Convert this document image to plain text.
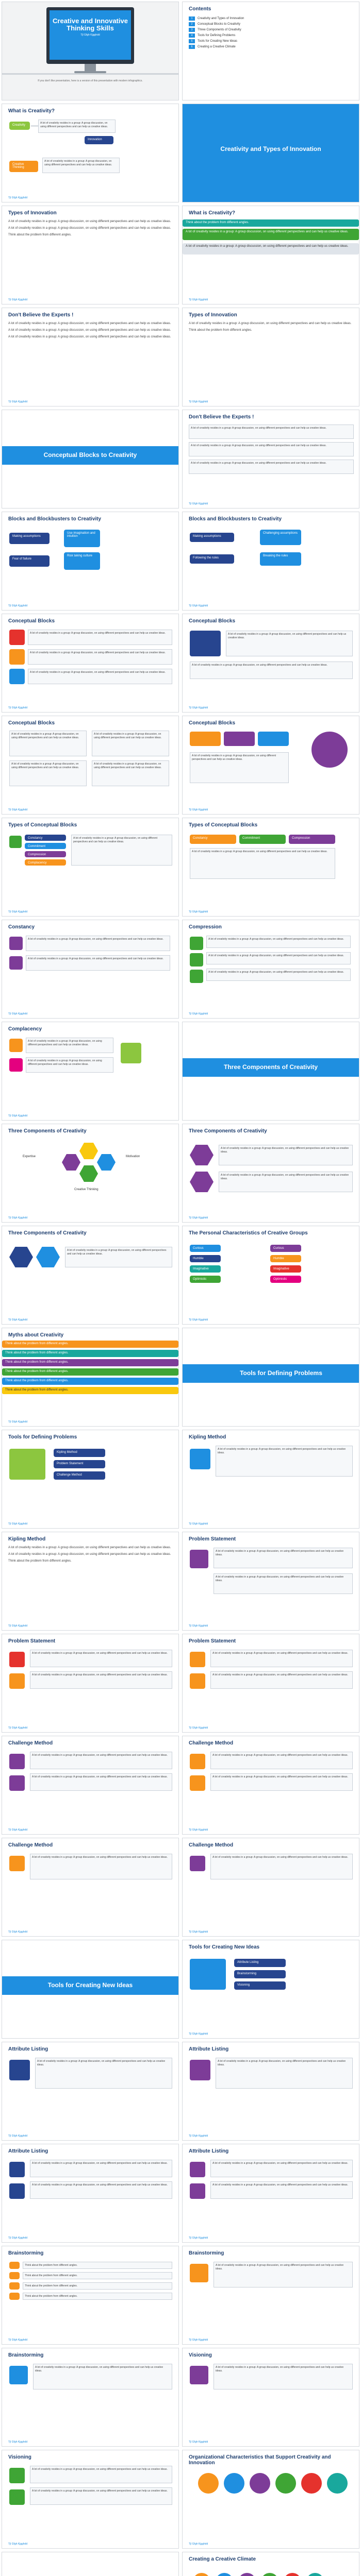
Creative and Innovative Thinking Skills
Tjl Gfgh Kjgghdd
If you don't like presentation, here is a version of this presentation with modern infographics.
Contents
1	Creativity and Types of Innovation
2	Conceptual Blocks to Creativity
3	Three Components of Creativity
4	Tools for Defining Problems
5	Tools for Creating New Ideas
6	Creating a Creative Climate
What is Creativity?
Creativity
Innovation
Creative Thinking
A lot of creativity resides in a group: A group discussion, on using different perspectives and can help us creative ideas.
A lot of creativity resides in a group: A group discussion, on using different perspectives and can help us creative ideas.
Tjl Gfgh Kjgghdd
Creativity and Types of Innovation
Types of Innovation
A lot of creativity resides in a group: A group discussion, on using different perspectives and can help us creative ideas.
A lot of creativity resides in a group: A group discussion, on using different perspectives and can help us creative ideas.
Think about the problem from different angles.
Tjl Gfgh Kjgghdd
What is Creativity?
Think about the problem from different angles.
A lot of creativity resides in a group: A group discussion, on using different perspectives and can help us creative ideas.
A lot of creativity resides in a group: A group discussion, on using different perspectives and can help us creative ideas.
Tjl Gfgh Kjgghdd
Don't Believe the Experts !
A lot of creativity resides in a group: A group discussion, on using different perspectives and can help us creative ideas.
A lot of creativity resides in a group: A group discussion, on using different perspectives and can help us creative ideas.
A lot of creativity resides in a group: A group discussion, on using different perspectives and can help us creative ideas.
Tjl Gfgh Kjgghdd
Types of Innovation
A lot of creativity resides in a group: A group discussion, on using different perspectives and can help us creative ideas.
Think about the problem from different angles.
Tjl Gfgh Kjgghdd
Conceptual Blocks to Creativity
Don't Believe the Experts !
A lot of creativity resides in a group: A group discussion, on using different perspectives and can help us creative ideas.
A lot of creativity resides in a group: A group discussion, on using different perspectives and can help us creative ideas.
A lot of creativity resides in a group: A group discussion, on using different perspectives and can help us creative ideas.
Tjl Gfgh Kjgghdd
Blocks and Blockbusters to Creativity
Making assumptions
Use imagination and intuition
Fear of failure
Risk taking culture
Tjl Gfgh Kjgghdd
Blocks and Blockbusters to Creativity
Making assumptions
Challenging assumptions
Following the rules
Breaking the rules
Tjl Gfgh Kjgghdd
Conceptual Blocks
A lot of creativity resides in a group: A group discussion, on using different perspectives and can help us creative ideas.
A lot of creativity resides in a group: A group discussion, on using different perspectives and can help us creative ideas.
A lot of creativity resides in a group: A group discussion, on using different perspectives and can help us creative ideas.
Tjl Gfgh Kjgghdd
Conceptual Blocks
A lot of creativity resides in a group: A group discussion, on using different perspectives and can help us creative ideas.
A lot of creativity resides in a group: A group discussion, on using different perspectives and can help us creative ideas.
Tjl Gfgh Kjgghdd
Conceptual Blocks
A lot of creativity resides in a group: A group discussion, on using different perspectives and can help us creative ideas.
A lot of creativity resides in a group: A group discussion, on using different perspectives and can help us creative ideas.
A lot of creativity resides in a group: A group discussion, on using different perspectives and can help us creative ideas.
A lot of creativity resides in a group: A group discussion, on using different perspectives and can help us creative ideas.
Tjl Gfgh Kjgghdd
Conceptual Blocks
A lot of creativity resides in a group: A group discussion, on using different perspectives and can help us creative ideas.
Tjl Gfgh Kjgghdd
Types of Conceptual Blocks
Constancy
Commitment
Compression
Complacency
A lot of creativity resides in a group: A group discussion, on using different perspectives and can help us creative ideas.
Tjl Gfgh Kjgghdd
Types of Conceptual Blocks
Constancy	Commitment	Compression
A lot of creativity resides in a group: A group discussion, on using different perspectives and can help us creative ideas.
Tjl Gfgh Kjgghdd
Constancy
A lot of creativity resides in a group: A group discussion, on using different perspectives and can help us creative ideas.
A lot of creativity resides in a group: A group discussion, on using different perspectives and can help us creative ideas.
Tjl Gfgh Kjgghdd
Compression
A lot of creativity resides in a group: A group discussion, on using different perspectives and can help us creative ideas.
A lot of creativity resides in a group: A group discussion, on using different perspectives and can help us creative ideas.
A lot of creativity resides in a group: A group discussion, on using different perspectives and can help us creative ideas.
Tjl Gfgh Kjgghdd
Complacency
A lot of creativity resides in a group: A group discussion, on using different perspectives and can help us creative ideas.
A lot of creativity resides in a group: A group discussion, on using different perspectives and can help us creative ideas.
Tjl Gfgh Kjgghdd
Three Components of Creativity
Three Components of Creativity
Expertise	Motivation
Creative Thinking
Tjl Gfgh Kjgghdd
Three Components of Creativity
A lot of creativity resides in a group: A group discussion, on using different perspectives and can help us creative ideas.
A lot of creativity resides in a group: A group discussion, on using different perspectives and can help us creative ideas.
Tjl Gfgh Kjgghdd
Three Components of Creativity
A lot of creativity resides in a group: A group discussion, on using different perspectives and can help us creative ideas.
Tjl Gfgh Kjgghdd
The Personal Characteristics of Creative Groups
Curious
Humble
Imaginative
Optimistic
Curious
Humble
Imaginative
Optimistic
Tjl Gfgh Kjgghdd
Myths about Creativity
Think about the problem from different angles.
Think about the problem from different angles.
Think about the problem from different angles.
Think about the problem from different angles.
Think about the problem from different angles.
Think about the problem from different angles.
Tjl Gfgh Kjgghdd
Tools for Defining Problems
Tools for Defining Problems
Kipling Method
Problem Statement
Challenge Method
Tjl Gfgh Kjgghdd
Kipling Method
A lot of creativity resides in a group: A group discussion, on using different perspectives and can help us creative ideas.
Tjl Gfgh Kjgghdd
Kipling Method
A lot of creativity resides in a group: A group discussion, on using different perspectives and can help us creative ideas.
A lot of creativity resides in a group: A group discussion, on using different perspectives and can help us creative ideas.
Think about the problem from different angles.
Tjl Gfgh Kjgghdd
Problem Statement
A lot of creativity resides in a group: A group discussion, on using different perspectives and can help us creative ideas.
A lot of creativity resides in a group: A group discussion, on using different perspectives and can help us creative ideas.
Tjl Gfgh Kjgghdd
Problem Statement
A lot of creativity resides in a group: A group discussion, on using different perspectives and can help us creative ideas.
A lot of creativity resides in a group: A group discussion, on using different perspectives and can help us creative ideas.
Tjl Gfgh Kjgghdd
Problem Statement
A lot of creativity resides in a group: A group discussion, on using different perspectives and can help us creative ideas.
A lot of creativity resides in a group: A group discussion, on using different perspectives and can help us creative ideas.
Tjl Gfgh Kjgghdd
Challenge Method
A lot of creativity resides in a group: A group discussion, on using different perspectives and can help us creative ideas.
A lot of creativity resides in a group: A group discussion, on using different perspectives and can help us creative ideas.
Tjl Gfgh Kjgghdd
Challenge Method
A lot of creativity resides in a group: A group discussion, on using different perspectives and can help us creative ideas.
A lot of creativity resides in a group: A group discussion, on using different perspectives and can help us creative ideas.
Tjl Gfgh Kjgghdd
Challenge Method
A lot of creativity resides in a group: A group discussion, on using different perspectives and can help us creative ideas.
Tjl Gfgh Kjgghdd
Challenge Method
A lot of creativity resides in a group: A group discussion, on using different perspectives and can help us creative ideas.
Tjl Gfgh Kjgghdd
Tools for Creating New Ideas
Tools for Creating New Ideas
Attribute Listing
Brainstorming
Visioning
Tjl Gfgh Kjgghdd
Attribute Listing
A lot of creativity resides in a group: A group discussion, on using different perspectives and can help us creative ideas.
Tjl Gfgh Kjgghdd
Attribute Listing
A lot of creativity resides in a group: A group discussion, on using different perspectives and can help us creative ideas.
Tjl Gfgh Kjgghdd
Attribute Listing
A lot of creativity resides in a group: A group discussion, on using different perspectives and can help us creative ideas.
A lot of creativity resides in a group: A group discussion, on using different perspectives and can help us creative ideas.
Tjl Gfgh Kjgghdd
Attribute Listing
A lot of creativity resides in a group: A group discussion, on using different perspectives and can help us creative ideas.
A lot of creativity resides in a group: A group discussion, on using different perspectives and can help us creative ideas.
Tjl Gfgh Kjgghdd
Brainstorming
Think about the problem from different angles.
Think about the problem from different angles.
Think about the problem from different angles.
Think about the problem from different angles.
Tjl Gfgh Kjgghdd
Brainstorming
A lot of creativity resides in a group: A group discussion, on using different perspectives and can help us creative ideas.
Tjl Gfgh Kjgghdd
Brainstorming
A lot of creativity resides in a group: A group discussion, on using different perspectives and can help us creative ideas.
Tjl Gfgh Kjgghdd
Visioning
A lot of creativity resides in a group: A group discussion, on using different perspectives and can help us creative ideas.
Tjl Gfgh Kjgghdd
Visioning
A lot of creativity resides in a group: A group discussion, on using different perspectives and can help us creative ideas.
A lot of creativity resides in a group: A group discussion, on using different perspectives and can help us creative ideas.
Tjl Gfgh Kjgghdd
Organizational Characteristics that Support Creativity and Innovation
Tjl Gfgh Kjgghdd
Creating a Creative Climate
